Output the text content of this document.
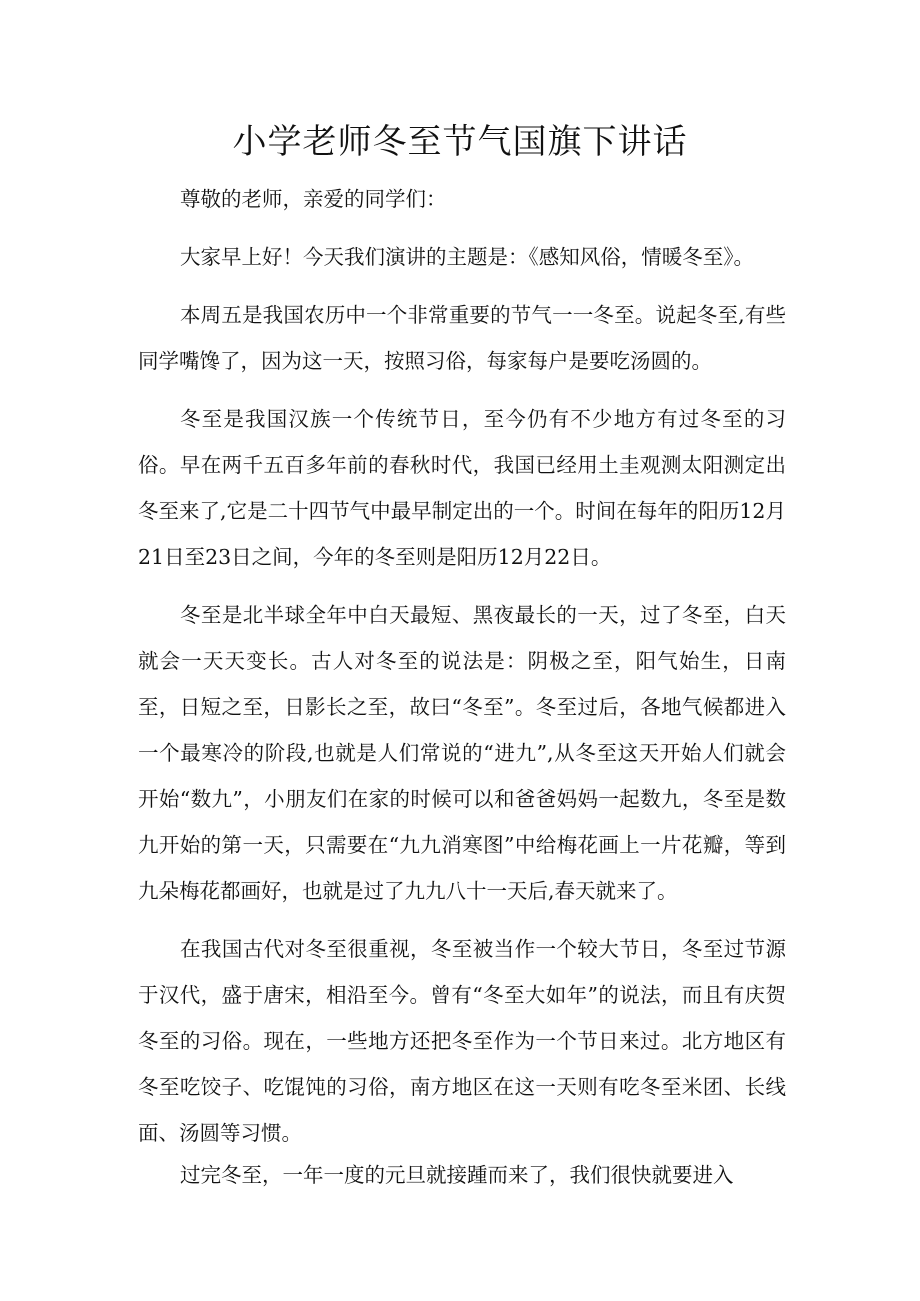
小学老师冬至节气国旗下讲话

尊敬的老师，亲爱的同学们：

大家早上好！今天我们演讲的主题是：《感知风俗，情暖冬至》。

本周五是我国农历中一个非常重要的节气一一冬至。说起冬至,有些同学嘴馋了，因为这一天，按照习俗，每家每户是要吃汤圆的。

冬至是我国汉族一个传统节日，至今仍有不少地方有过冬至的习俗。早在两千五百多年前的春秋时代，我国已经用土圭观测太阳测定出冬至来了,它是二十四节气中最早制定出的一个。时间在每年的阳历12月21日至23日之间，今年的冬至则是阳历12月22日。

冬至是北半球全年中白天最短、黑夜最长的一天，过了冬至，白天就会一天天变长。古人对冬至的说法是：阴极之至，阳气始生，日南至，日短之至，日影长之至，故曰“冬至”。冬至过后，各地气候都进入一个最寒冷的阶段,也就是人们常说的“进九”,从冬至这天开始人们就会开始“数九”，小朋友们在家的时候可以和爸爸妈妈一起数九，冬至是数九开始的第一天，只需要在“九九消寒图”中给梅花画上一片花瓣，等到九朵梅花都画好，也就是过了九九八十一天后,春天就来了。

在我国古代对冬至很重视，冬至被当作一个较大节日，冬至过节源于汉代，盛于唐宋，相沿至今。曾有“冬至大如年”的说法，而且有庆贺冬至的习俗。现在，一些地方还把冬至作为一个节日来过。北方地区有冬至吃饺子、吃馄饨的习俗，南方地区在这一天则有吃冬至米团、长线面、汤圆等习惯。

过完冬至，一年一度的元旦就接踵而来了，我们很快就要进入
